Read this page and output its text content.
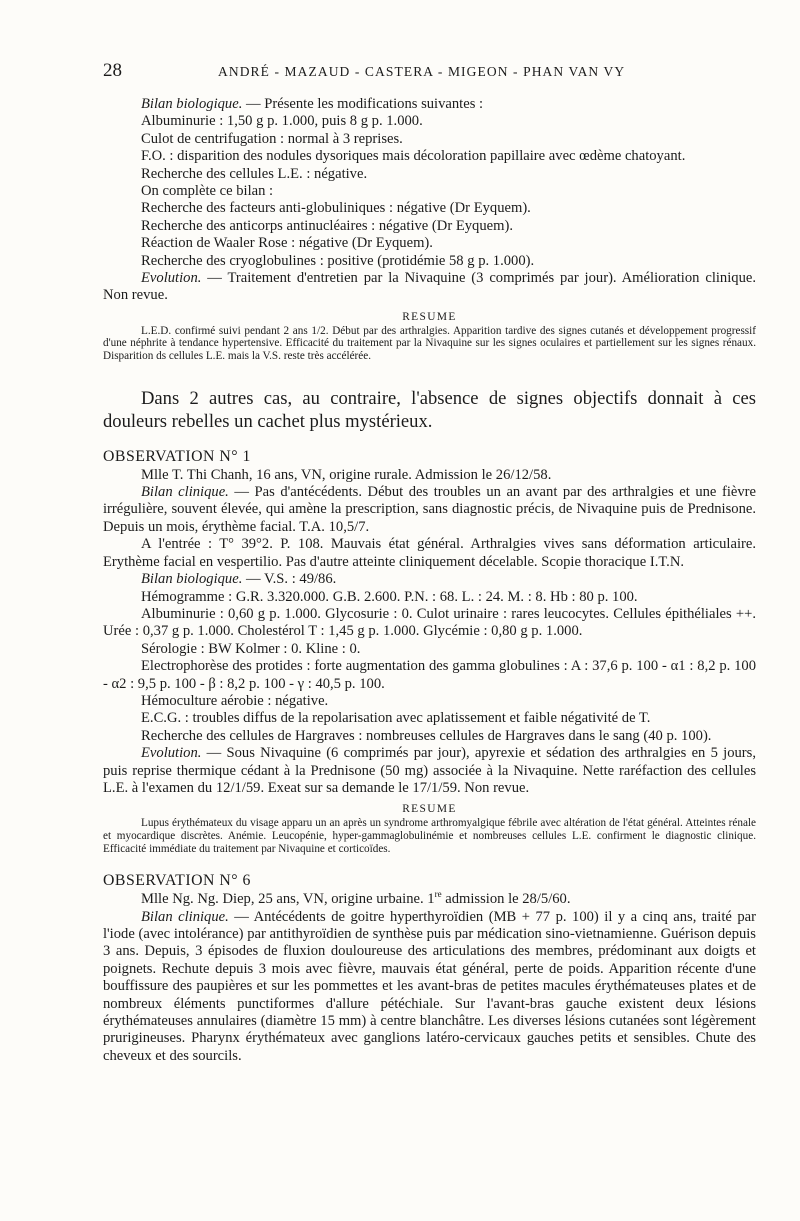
28	ANDRÉ - MAZAUD - CASTERA - MIGEON - PHAN VAN VY

Bilan biologique. — Présente les modifications suivantes :

Albuminurie : 1,50 g p. 1.000, puis 8 g p. 1.000.

Culot de centrifugation : normal à 3 reprises.

F.O. : disparition des nodules dysoriques mais décoloration papillaire avec œdème chatoyant.

Recherche des cellules L.E. : négative.

On complète ce bilan :

Recherche des facteurs anti-globuliniques : négative (Dr Eyquem).

Recherche des anticorps antinucléaires : négative (Dr Eyquem).

Réaction de Waaler Rose : négative (Dr Eyquem).

Recherche des cryoglobulines : positive (protidémie 58 g p. 1.000).

Evolution. — Traitement d'entretien par la Nivaquine (3 comprimés par jour). Amélioration clinique. Non revue.

RESUME

L.E.D. confirmé suivi pendant 2 ans 1/2. Début par des arthralgies. Apparition tardive des signes cutanés et développement progressif d'une néphrite à tendance hypertensive. Efficacité du traitement par la Nivaquine sur les signes oculaires et partiellement sur les signes rénaux. Disparition ds cellules L.E. mais la V.S. reste très accélérée.

Dans 2 autres cas, au contraire, l'absence de signes objectifs donnait à ces douleurs rebelles un cachet plus mystérieux.

OBSERVATION N° 1

Mlle T. Thi Chanh, 16 ans, VN, origine rurale. Admission le 26/12/58.

Bilan clinique. — Pas d'antécédents. Début des troubles un an avant par des arthralgies et une fièvre irrégulière, souvent élevée, qui amène la prescription, sans diagnostic précis, de Nivaquine puis de Prednisone. Depuis un mois, érythème facial. T.A. 10,5/7.

A l'entrée : T° 39°2. P. 108. Mauvais état général. Arthralgies vives sans déformation articulaire. Erythème facial en vespertilio. Pas d'autre atteinte cliniquement décelable. Scopie thoracique I.T.N.

Bilan biologique. — V.S. : 49/86.

Hémogramme : G.R. 3.320.000. G.B. 2.600. P.N. : 68. L. : 24. M. : 8. Hb : 80 p. 100.

Albuminurie : 0,60 g p. 1.000. Glycosurie : 0. Culot urinaire : rares leucocytes. Cellules épithéliales ++. Urée : 0,37 g p. 1.000. Cholestérol T : 1,45 g p. 1.000. Glycémie : 0,80 g p. 1.000.

Sérologie : BW Kolmer : 0. Kline : 0.

Electrophorèse des protides : forte augmentation des gamma globulines : A : 37,6 p. 100 - α1 : 8,2 p. 100 - α2 : 9,5 p. 100 - β : 8,2 p. 100 - γ : 40,5 p. 100.

Hémoculture aérobie : négative.

E.C.G. : troubles diffus de la repolarisation avec aplatissement et faible négativité de T.

Recherche des cellules de Hargraves : nombreuses cellules de Hargraves dans le sang (40 p. 100).

Evolution. — Sous Nivaquine (6 comprimés par jour), apyrexie et sédation des arthralgies en 5 jours, puis reprise thermique cédant à la Prednisone (50 mg) associée à la Nivaquine. Nette raréfaction des cellules L.E. à l'examen du 12/1/59. Exeat sur sa demande le 17/1/59. Non revue.

RESUME

Lupus érythémateux du visage apparu un an après un syndrome arthromyalgique fébrile avec altération de l'état général. Atteintes rénale et myocardique discrètes. Anémie. Leucopénie, hyper-gammaglobulinémie et nombreuses cellules L.E. confirment le diagnostic clinique. Efficacité immédiate du traitement par Nivaquine et corticoïdes.

OBSERVATION N° 6

Mlle Ng. Ng. Diep, 25 ans, VN, origine urbaine. 1re admission le 28/5/60.

Bilan clinique. — Antécédents de goitre hyperthyroïdien (MB + 77 p. 100) il y a cinq ans, traité par l'iode (avec intolérance) par antithyroïdien de synthèse puis par médication sino-vietnamienne. Guérison depuis 3 ans. Depuis, 3 épisodes de fluxion douloureuse des articulations des membres, prédominant aux doigts et poignets. Rechute depuis 3 mois avec fièvre, mauvais état général, perte de poids. Apparition récente d'une bouffissure des paupières et sur les pommettes et les avant-bras de petites macules érythémateuses plates et de nombreux éléments punctiformes d'allure pétéchiale. Sur l'avant-bras gauche existent deux lésions érythémateuses annulaires (diamètre 15 mm) à centre blanchâtre. Les diverses lésions cutanées sont légèrement prurigineuses. Pharynx érythémateux avec ganglions latéro-cervicaux gauches petits et sensibles. Chute des cheveux et des sourcils.
